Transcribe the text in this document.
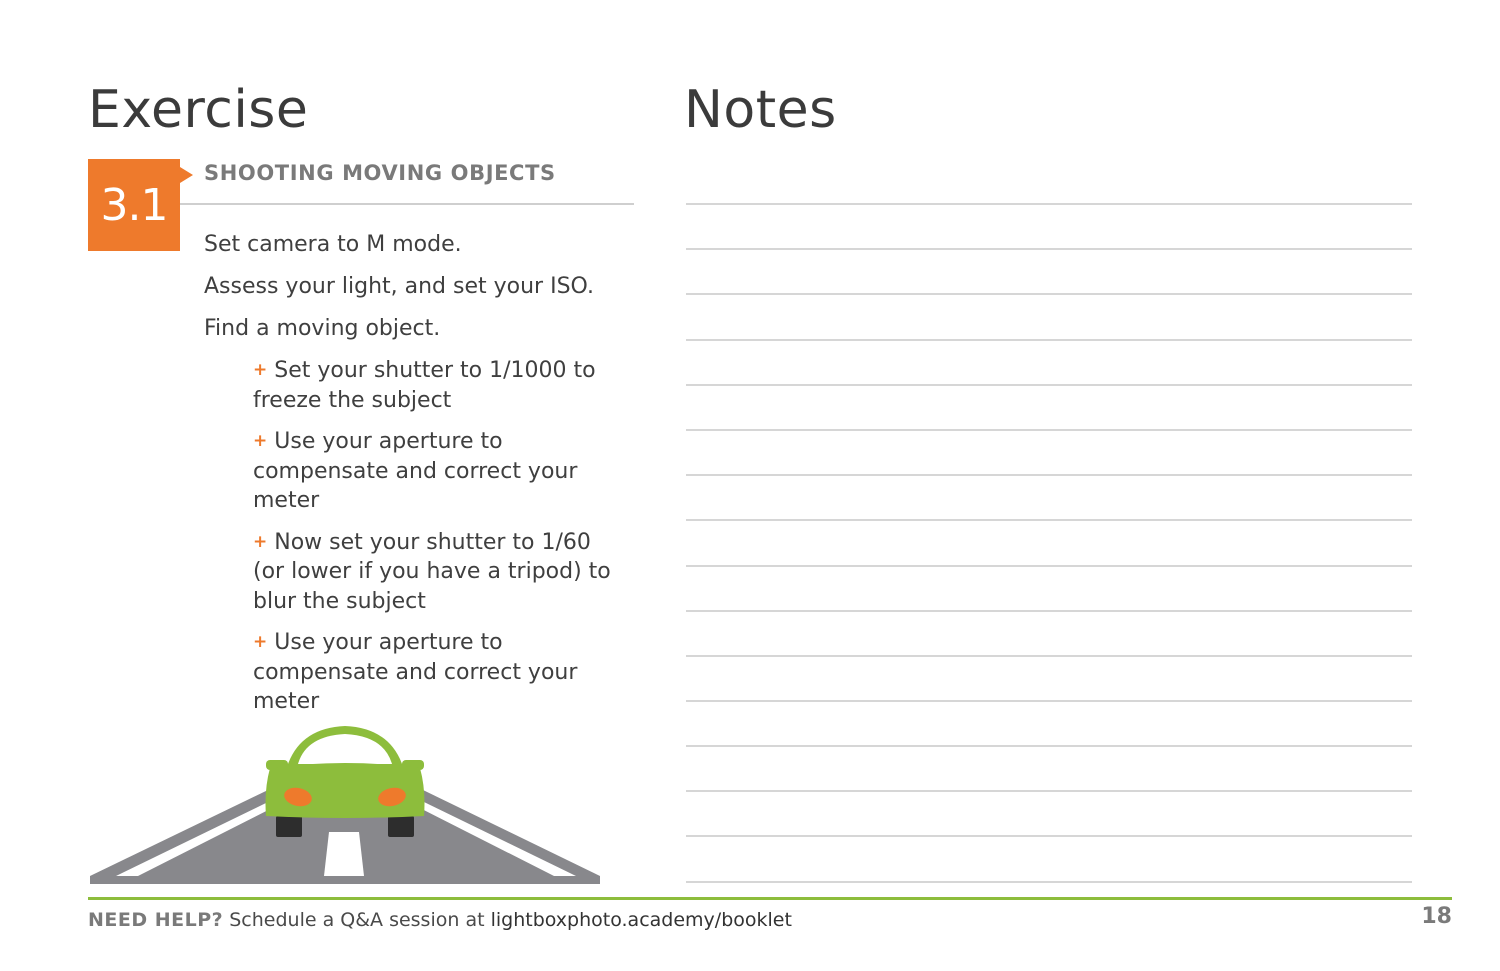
Exercise	Notes
3.1
SHOOTING MOVING OBJECTS
Set camera to M mode.
Assess your light, and set your ISO.
Find a moving object.
+ Set your shutter to 1/1000 to freeze the subject
+ Use your aperture to compensate and correct your meter
+ Now set your shutter to 1/60 (or lower if you have a tripod) to blur the subject
+ Use your aperture to compensate and correct your meter
NEED HELP? Schedule a Q&A session at lightboxphoto.academy/booklet	18
